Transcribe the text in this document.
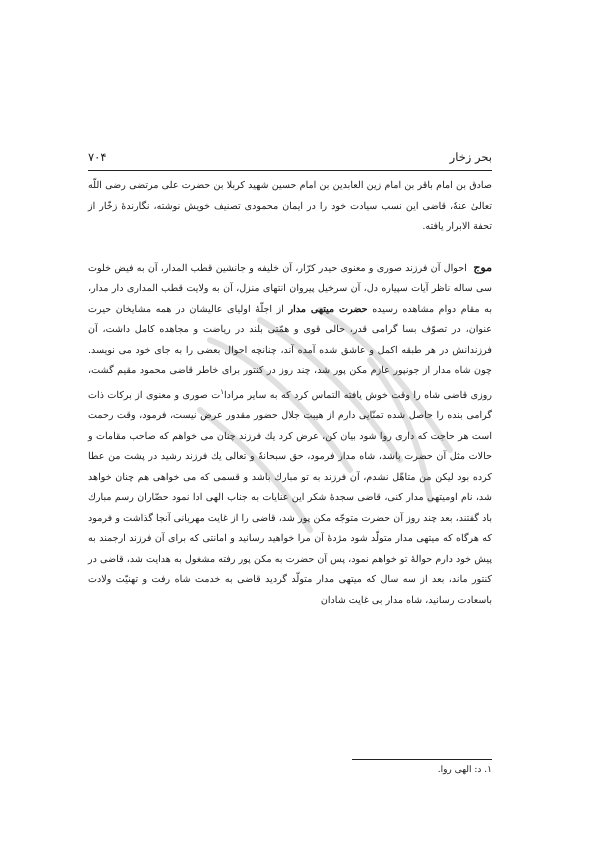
بحر زخار
۷۰۴

صادق بن امام باقر بن امام زین العابدین بن امام حسین شهید کربلا بن حضرت علی مرتضی رضی اللّه تعالیٰ عنهٗ، قاضی این نسب سیادت خود را در ایمان محمودی تصنیف خویش نوشته، نگارندهٔ زخّار از تحفة الابرار یافته.

موج  احوال آن فرزند صوری و معنوی حیدر کرّار، آن خلیفه و جانشین قطب المدار، آن به فیض خلوت سی ساله ناظر آیات سپیاره دل، آن سرخیل پیروان انتهای منزل، آن به ولایت قطب المداری دار مدار، به مقام دوام مشاهده رسیده حضرت میتهی مدار از اجلّهٔ اولیای عالیشان در همه مشایخان حیرت عنوان، در تصوّف بسا گرامی قدر، حالی قوی و همّتی بلند در ریاضت و مجاهده کامل داشت، آن فرزندانش در هر طبقه اکمل و عاشق شده آمده آند، چنانچه احوال بعضی را به جای خود می نویسد. چون شاه مدار از جونپور عازم مکن پور شد، چند روز در کنتور برای خاطر قاضی محمود مقیم گشت، روزی قاضی شاه را وقت خوش یافته التماس کرد که به سایر مرادا$^۱$ت صوری و معنوی از برکات ذات گرامی بنده را حاصل شده تمنّایی دارم از هیبت جلال حضور مقدور عرض نیست، فرمود، وقت رحمت است هر حاجت که داری روا شود بیان کن، عرض کرد یك فرزند چنان می خواهم که صاحب مقامات و حالات مثل آن حضرت باشد، شاه مدار فرمود، حق سبحانهٗ و تعالی یك فرزند رشید در پشت من عطا کرده بود لیکن من متاهّل نشدم، آن فرزند به تو مبارك باشد و قسمی که می خواهی هم چنان خواهد شد، نام اومیتهی مدار کنی، قاضی سجدهٔ شکر این عنایات به جناب الهی ادا نمود حضّاران رسم مبارك باد گفتند، بعد چند روز آن حضرت متوجّه مکن پور شد، قاضی را از غایت مهربانی آنجا گذاشت و فرمود که هرگاه که میتهی مدار متولّد شود مژدهٔ آن مرا خواهید رسانید و امانتی که برای آن فرزند ارجمند به پیش خود دارم حوالهٔ تو خواهم نمود، پس آن حضرت به مکن پور رفته مشغول به هدایت شد، قاضی در کنتور ماند، بعد از سه سال که میتهی مدار متولّد گردید قاضی به خدمت شاه رفت و تهنیّت ولادت باسعادت رسانید، شاه مدار بی غایت شادان

۱. د: الهی روا.
